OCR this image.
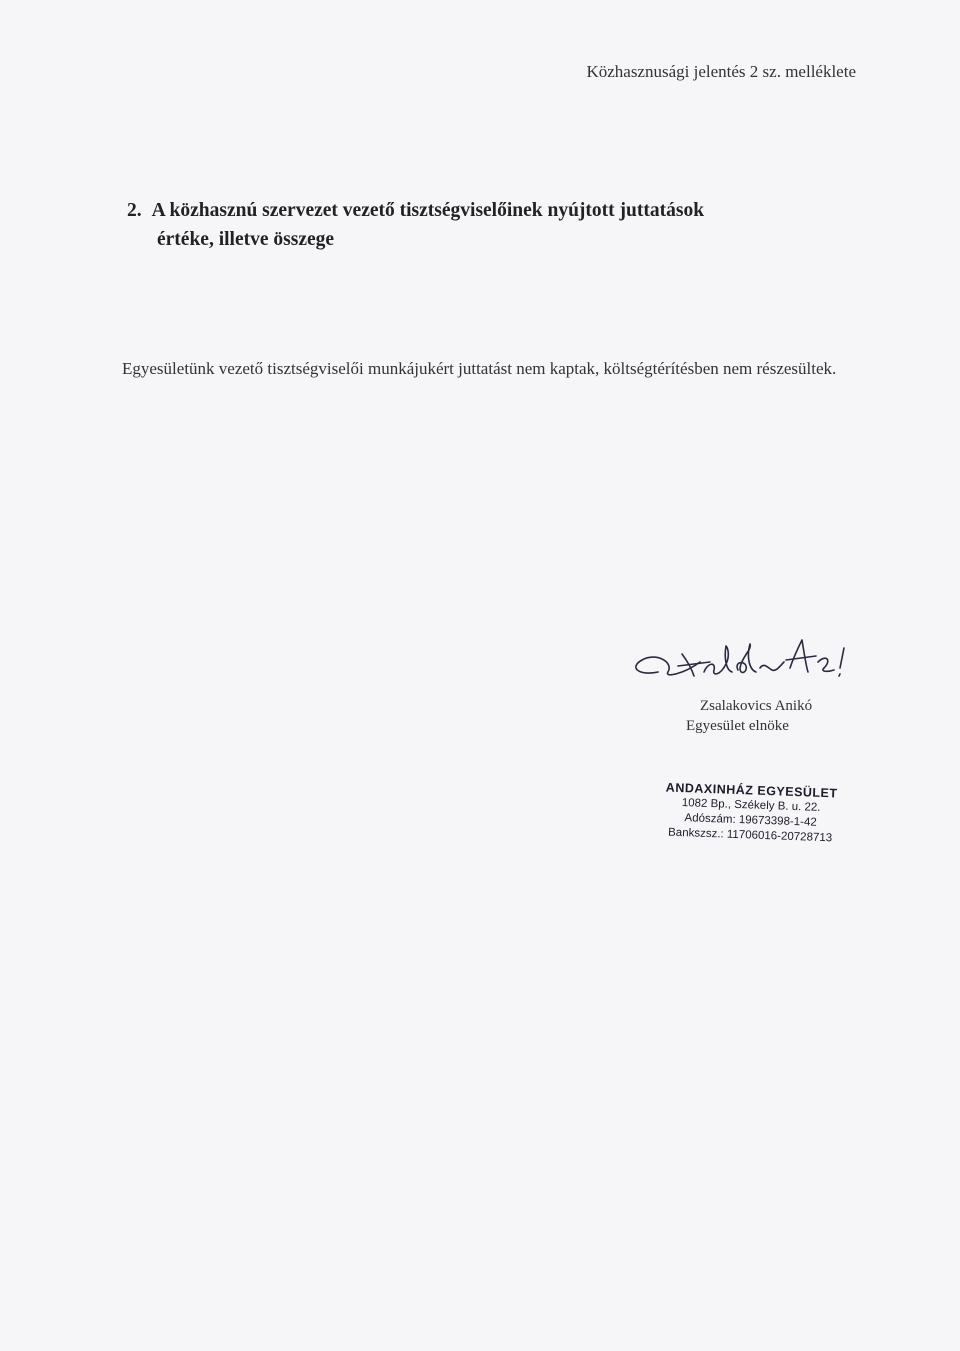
Közhasznusági jelentés 2 sz. melléklete
2. A közhasznú szervezet vezető tisztségviselőinek nyújtott juttatások
értéke, illetve összege
Egyesületünk vezető tisztségviselői munkájukért juttatást nem kaptak, költségtérítésben nem részesültek.
Zsalakovics Anikó
Egyesület elnöke
ANDAXINHÁZ EGYESÜLET
1082 Bp., Székely B. u. 22.
Adószám: 19673398-1-42
Bankszsz.: 11706016-20728713
